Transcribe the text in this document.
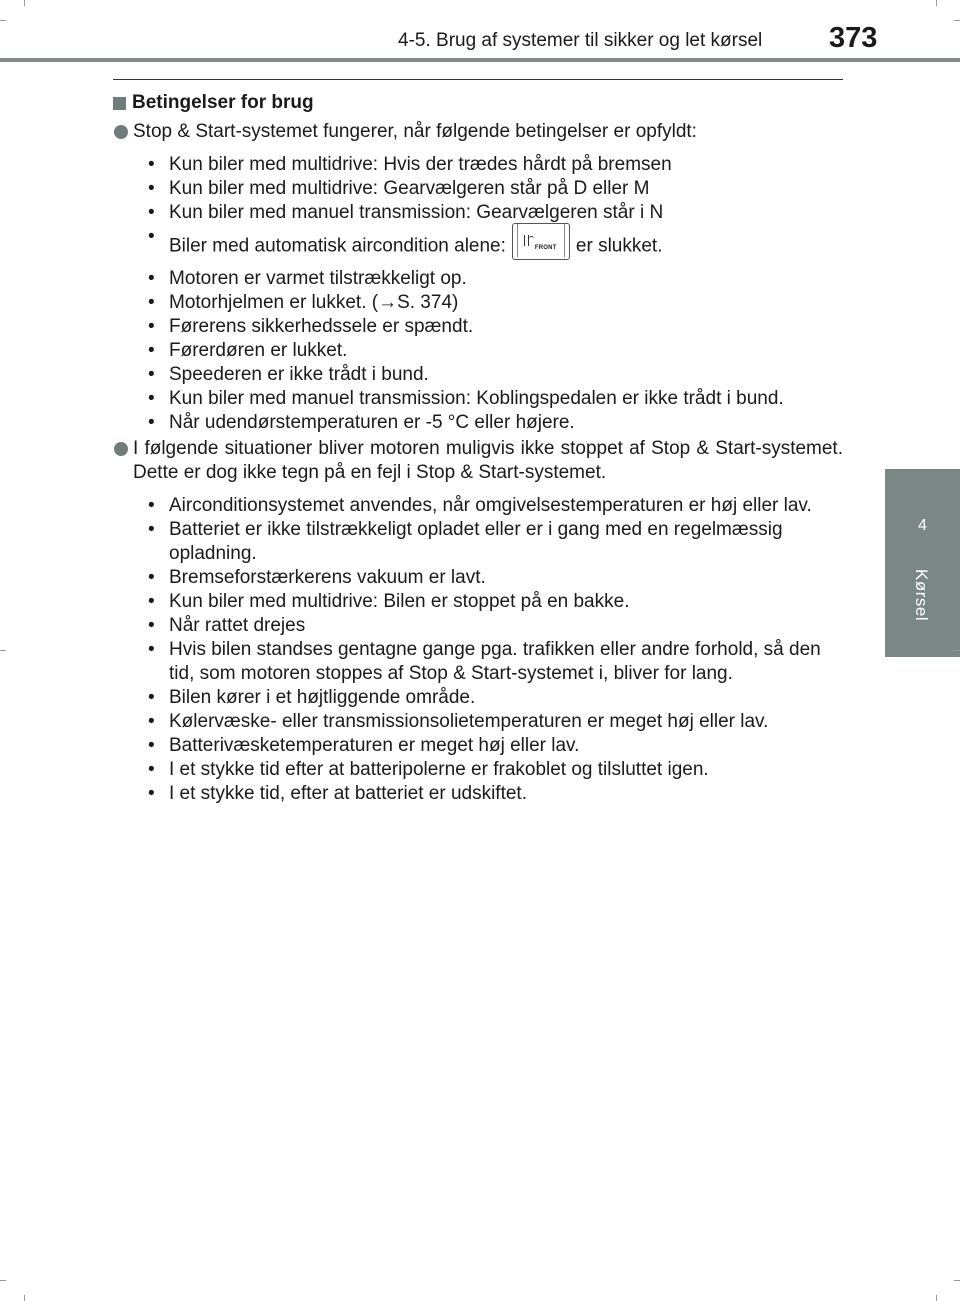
4-5. Brug af systemer til sikker og let kørsel 373
4
Kørsel
Betingelser for brug
Stop & Start-systemet fungerer, når følgende betingelser er opfyldt:
• Kun biler med multidrive: Hvis der trædes hårdt på bremsen
• Kun biler med multidrive: Gearvælgeren står på D eller M
• Kun biler med manuel transmission: Gearvælgeren står i N
• Biler med automatisk aircondition alene:	FRONT er slukket.
• Motoren er varmet tilstrækkeligt op.
• Motorhjelmen er lukket. (→S. 374)
• Førerens sikkerhedssele er spændt.
• Førerdøren er lukket.
• Speederen er ikke trådt i bund.
• Kun biler med manuel transmission: Koblingspedalen er ikke trådt i bund.
• Når udendørstemperaturen er -5 °C eller højere.
I følgende situationer bliver motoren muligvis ikke stoppet af Stop & Start-systemet. Dette er dog ikke tegn på en fejl i Stop & Start-systemet.
• Airconditionsystemet anvendes, når omgivelsestemperaturen er høj eller lav.
• Batteriet er ikke tilstrækkeligt opladet eller er i gang med en regelmæssig opladning.
• Bremseforstærkerens vakuum er lavt.
• Kun biler med multidrive: Bilen er stoppet på en bakke.
• Når rattet drejes
• Hvis bilen standses gentagne gange pga. trafikken eller andre forhold, så den tid, som motoren stoppes af Stop & Start-systemet i, bliver for lang.
• Bilen kører i et højtliggende område.
• Kølervæske- eller transmissionsolietemperaturen er meget høj eller lav.
• Batterivæsketemperaturen er meget høj eller lav.
• I et stykke tid efter at batteripolerne er frakoblet og tilsluttet igen.
• I et stykke tid, efter at batteriet er udskiftet.
